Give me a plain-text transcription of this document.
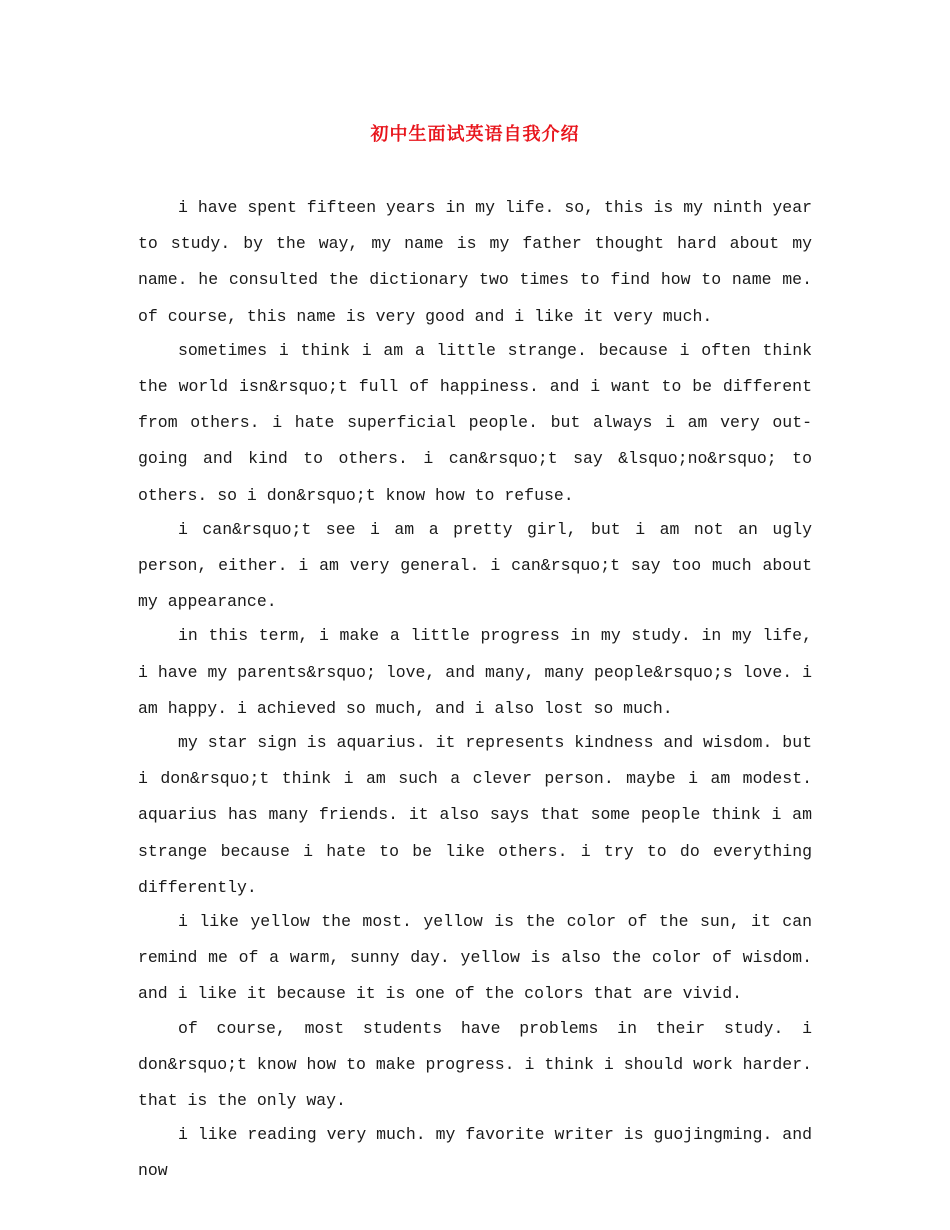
初中生面试英语自我介绍

i have spent fifteen years in my life. so, this is my ninth year to study. by the way, my name is my father thought hard about my name. he consulted the dictionary two times to find how to name me. of course, this name is very good and i like it very much.

sometimes i think i am a little strange. because i often think the world isn&rsquo;t full of happiness. and i want to be different from others. i hate superficial people. but always i am very out-going and kind to others. i can&rsquo;t say &lsquo;no&rsquo; to others. so i don&rsquo;t know how to refuse.

i can&rsquo;t see i am a pretty girl, but i am not an ugly person, either. i am very general. i can&rsquo;t say too much about my appearance.

in this term, i make a little progress in my study. in my life, i have my parents&rsquo; love, and many, many people&rsquo;s love. i am happy. i achieved so much, and i also lost so much.

my star sign is aquarius. it represents kindness and wisdom. but i don&rsquo;t think i am such a clever person. maybe i am modest. aquarius has many friends. it also says that some people think i am strange because i hate to be like others. i try to do everything differently.

i like yellow the most. yellow is the color of the sun, it can remind me of a warm, sunny day. yellow is also the color of wisdom. and i like it because it is one of the colors that are vivid.

of course, most students have problems in their study. i don&rsquo;t know how to make progress. i think i should work harder. that is the only way.

i like reading very much. my favorite writer is guojingming. and now
